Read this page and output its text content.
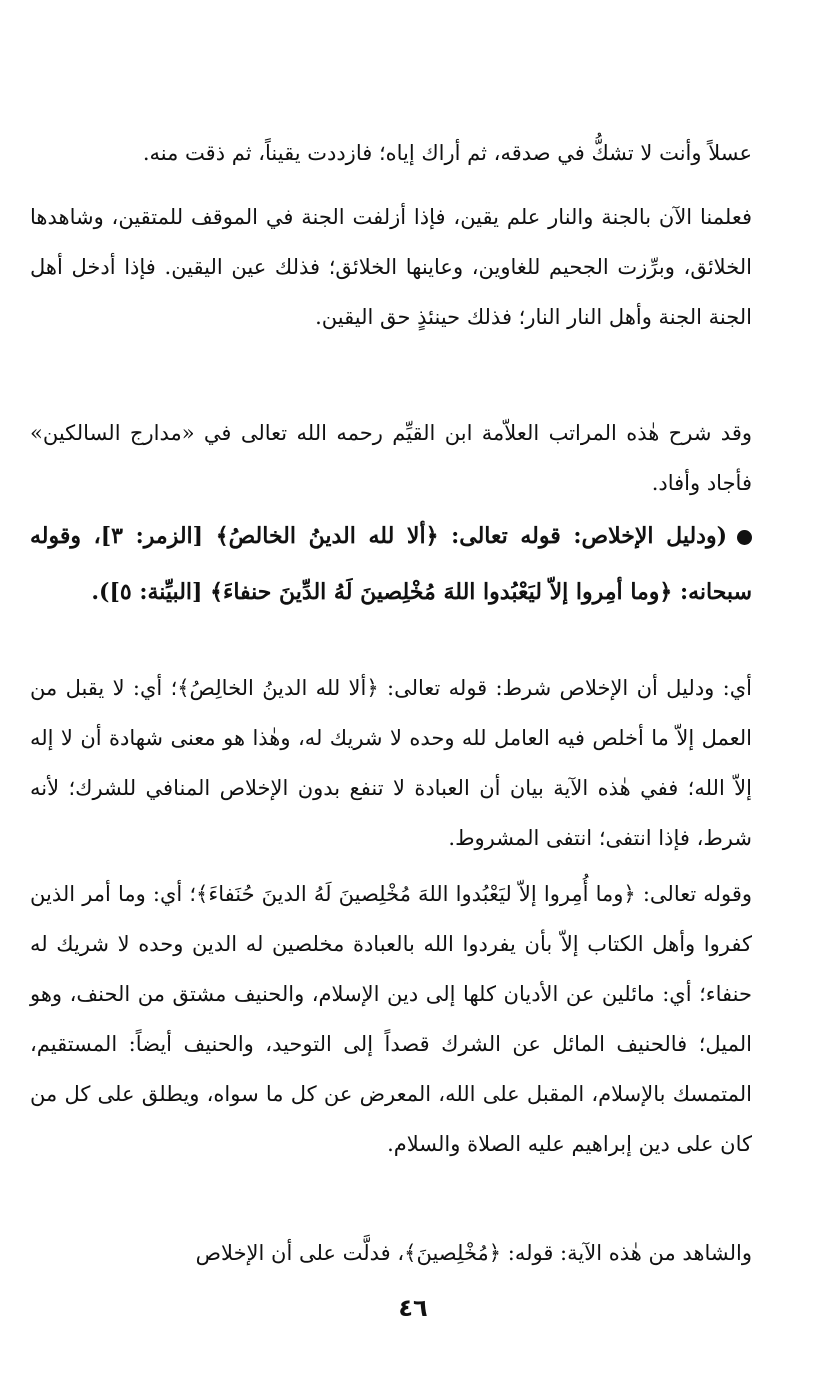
عسلاً وأنت لا تشكُّ في صدقه، ثم أراك إياه؛ فازددت يقيناً، ثم ذقت منه.

فعلمنا الآن بالجنة والنار علم يقين، فإذا أزلفت الجنة في الموقف للمتقين، وشاهدها الخلائق، وبرِّزت الجحيم للغاوين، وعاينها الخلائق؛ فذلك عين اليقين. فإذا أدخل أهل الجنة الجنة وأهل النار النار؛ فذلك حينئذٍ حق اليقين.

وقد شرح هٰذه المراتب العلاّمة ابن القيِّم رحمه الله تعالى في «مدارج السالكين» فأجاد وأفاد.

(ودليل الإخلاص: قوله تعالى: ﴿ألا لله الدينُ الخالصُ﴾ [الزمر: ٣]، وقوله سبحانه: ﴿وما أمِروا إلاّ ليَعْبُدوا اللهَ مُخْلِصينَ لَهُ الدِّينَ حنفاءَ﴾ [البيِّنة: ٥]).

أي: ودليل أن الإخلاص شرط: قوله تعالى: ﴿ألا لله الدينُ الخالِصُ﴾؛ أي: لا يقبل من العمل إلاّ ما أخلص فيه العامل لله وحده لا شريك له، وهٰذا هو معنى شهادة أن لا إله إلاّ الله؛ ففي هٰذه الآية بيان أن العبادة لا تنفع بدون الإخلاص المنافي للشرك؛ لأنه شرط، فإذا انتفى؛ انتفى المشروط.

وقوله تعالى: ﴿وما أُمِروا إلاّ ليَعْبُدوا اللهَ مُخْلِصينَ لَهُ الدينَ حُنَفاءَ﴾؛ أي: وما أمر الذين كفروا وأهل الكتاب إلاّ بأن يفردوا الله بالعبادة مخلصين له الدين وحده لا شريك له حنفاء؛ أي: مائلين عن الأديان كلها إلى دين الإسلام، والحنيف مشتق من الحنف، وهو الميل؛ فالحنيف المائل عن الشرك قصداً إلى التوحيد، والحنيف أيضاً: المستقيم، المتمسك بالإسلام، المقبل على الله، المعرض عن كل ما سواه، ويطلق على كل من كان على دين إبراهيم عليه الصلاة والسلام.

والشاهد من هٰذه الآية: قوله: ﴿مُخْلِصينَ﴾، فدلَّت على أن الإخلاص

٤٦
